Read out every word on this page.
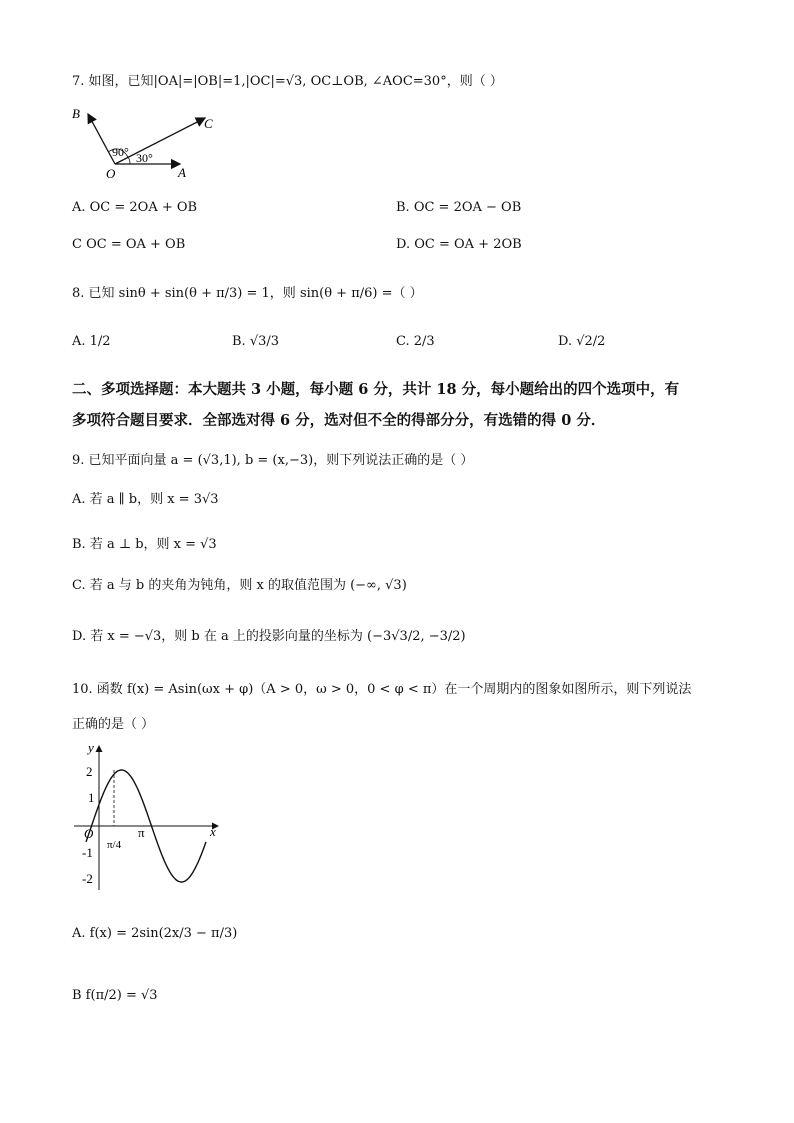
7. 如图，已知|OA|=|OB|=1,|OC|=√3, OC⊥OB, ∠AOC=30°，则（ ）
B
C
O	A
90° 30°
A. OC = 2OA + OB	B. OC = 2OA − OB
C OC = OA + OB	D. OC = OA + 2OB
8. 已知 sinθ + sin(θ + π/3) = 1，则 sin(θ + π/6) =（ ）
A. 1/2	B. √3/3	C. 2/3	D. √2/2
二、多项选择题：本大题共 3 小题，每小题 6 分，共计 18 分，每小题给出的四个选项中，有
多项符合题目要求．全部选对得 6 分，选对但不全的得部分分，有选错的得 0 分．
9. 已知平面向量 a = (√3,1), b = (x,−3)，则下列说法正确的是（ ）
A. 若 a ∥ b，则 x = 3√3
B. 若 a ⊥ b，则 x = √3
C. 若 a 与 b 的夹角为钝角，则 x 的取值范围为 (−∞, √3)
D. 若 x = −√3，则 b 在 a 上的投影向量的坐标为 (−3√3/2, −3/2)
10. 函数 f(x) = Asin(ωx + φ)（A > 0，ω > 0，0 < φ < π）在一个周期内的图象如图所示，则下列说法
正确的是（ ）
y
x
O
2
1
-1
-2
π
π/4
A. f(x) = 2sin(2x/3 − π/3)
B f(π/2) = √3
